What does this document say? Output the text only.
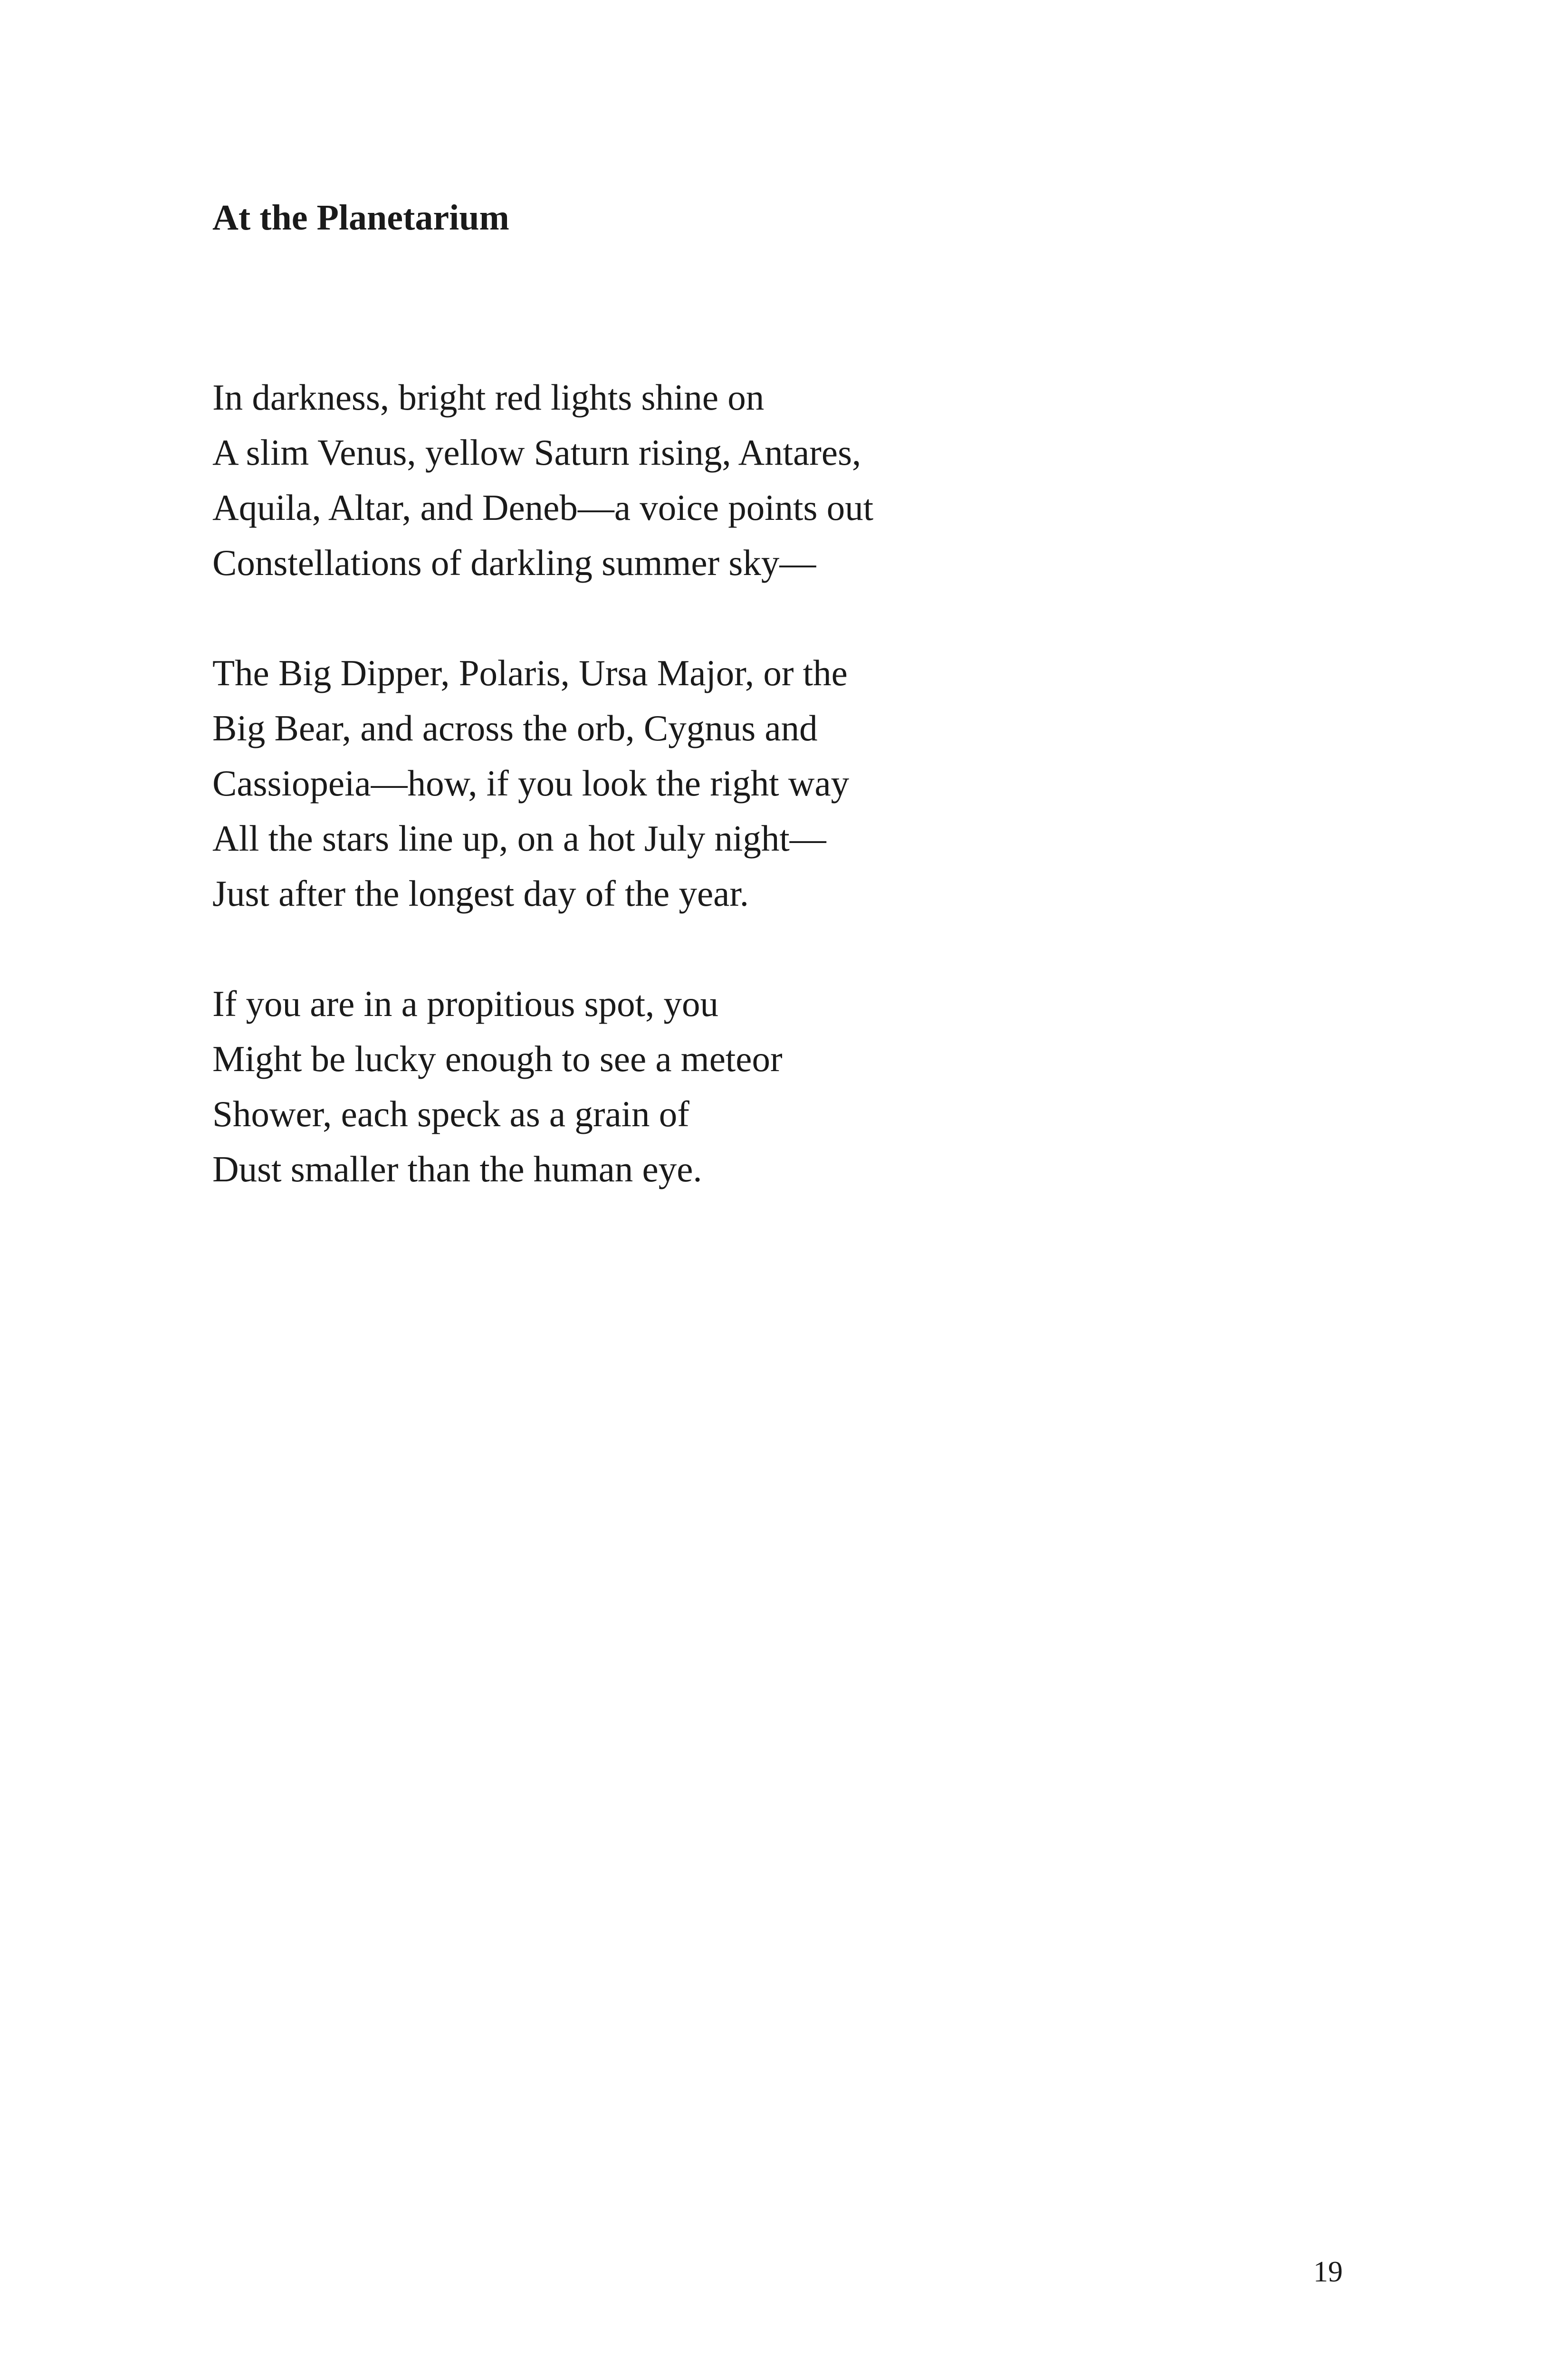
At the Planetarium
In darkness, bright red lights shine on
A slim Venus, yellow Saturn rising, Antares,
Aquila, Altar, and Deneb—a voice points out
Constellations of darkling summer sky—
The Big Dipper, Polaris, Ursa Major, or the
Big Bear, and across the orb, Cygnus and
Cassiopeia—how, if you look the right way
All the stars line up, on a hot July night—
Just after the longest day of the year.
If you are in a propitious spot, you
Might be lucky enough to see a meteor
Shower, each speck as a grain of
Dust smaller than the human eye.
19
